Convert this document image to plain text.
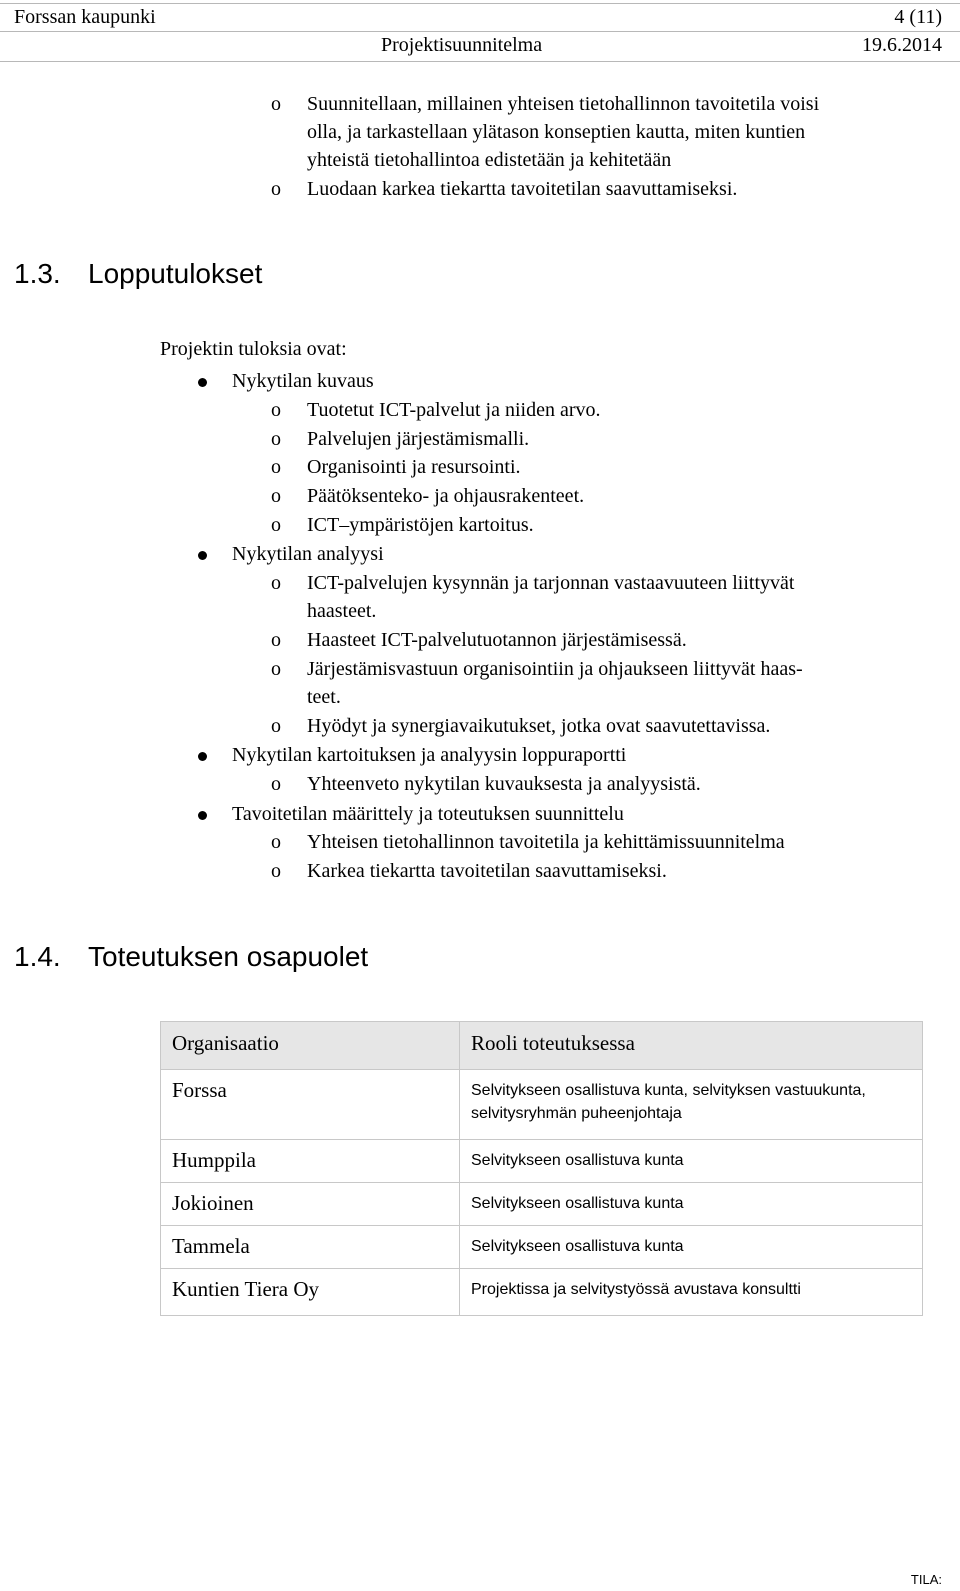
Forssan kaupunki	4 (11)
Projektisuunnitelma	19.6.2014
o Suunnitellaan, millainen yhteisen tietohallinnon tavoitetila voisi
olla, ja tarkastellaan ylätason konseptien kautta, miten kuntien
yhteistä tietohallintoa edistetään ja kehitetään
o Luodaan karkea tiekartta tavoitetilan saavuttamiseksi.
1.3. Lopputulokset
Projektin tuloksia ovat:
Nykytilan kuvaus
o Tuotetut ICT-palvelut ja niiden arvo.
o Palvelujen järjestämismalli.
o Organisointi ja resursointi.
o Päätöksenteko- ja ohjausrakenteet.
o ICT–ympäristöjen kartoitus.
Nykytilan analyysi
o ICT-palvelujen kysynnän ja tarjonnan vastaavuuteen liittyvät
haasteet.
o Haasteet ICT-palvelutuotannon järjestämisessä.
o Järjestämisvastuun organisointiin ja ohjaukseen liittyvät haas-
teet.
o Hyödyt ja synergiavaikutukset, jotka ovat saavutettavissa.
Nykytilan kartoituksen ja analyysin loppuraportti
o Yhteenveto nykytilan kuvauksesta ja analyysistä.
Tavoitetilan määrittely ja toteutuksen suunnittelu
o Yhteisen tietohallinnon tavoitetila ja kehittämissuunnitelma
o Karkea tiekartta tavoitetilan saavuttamiseksi.
1.4. Toteutuksen osapuolet
Organisaatio	Rooli toteutuksessa
Forssa	Selvitykseen osallistuva kunta, selvityksen vastuukunta,
selvitysryhmän puheenjohtaja

Humppila	Selvitykseen osallistuva kunta
Jokioinen	Selvitykseen osallistuva kunta
Tammela	Selvitykseen osallistuva kunta
Kuntien Tiera Oy	Projektissa ja selvitystyössä avustava konsultti
TILA:
